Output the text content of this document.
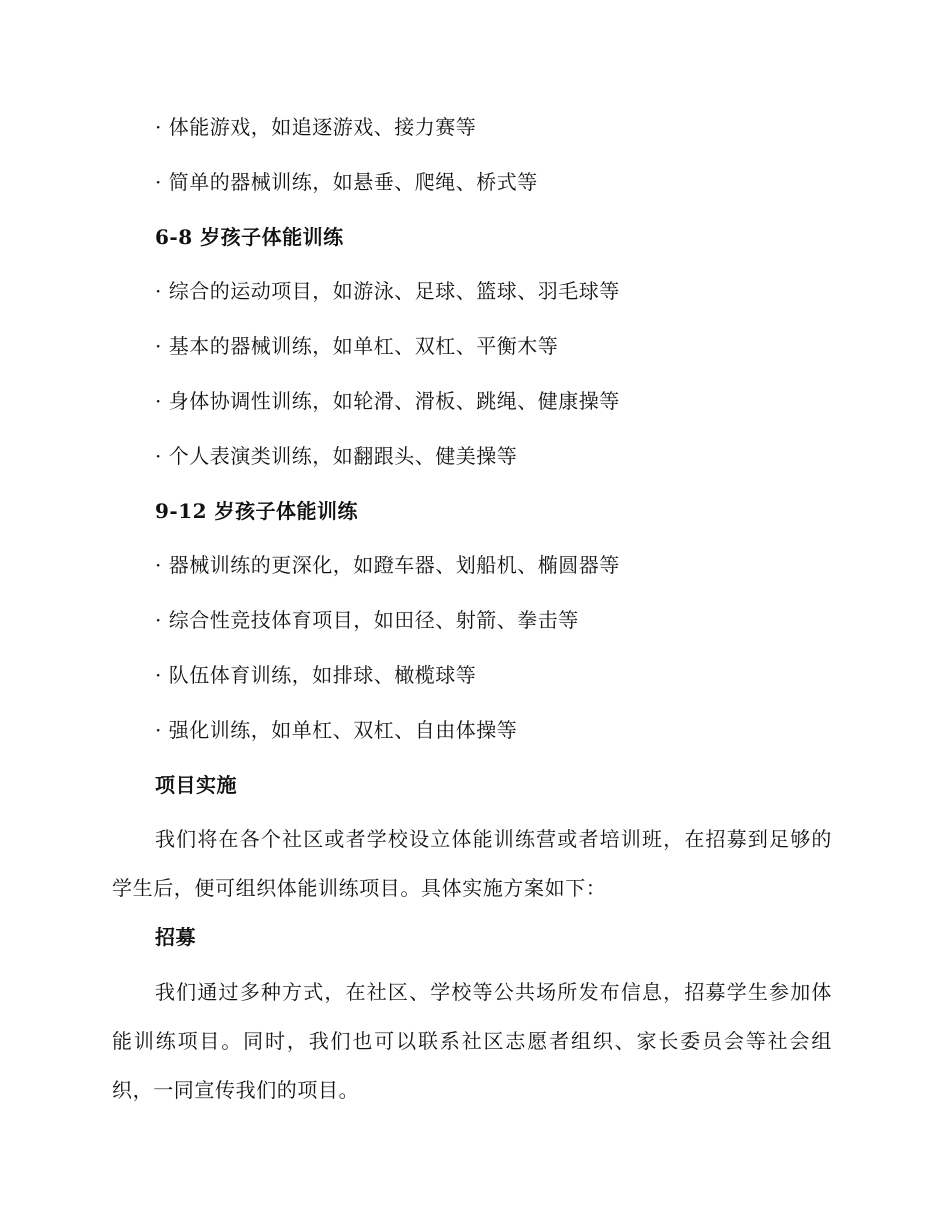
· 体能游戏，如追逐游戏、接力赛等
· 简单的器械训练，如悬垂、爬绳、桥式等
6-8 岁孩子体能训练
· 综合的运动项目，如游泳、足球、篮球、羽毛球等
· 基本的器械训练，如单杠、双杠、平衡木等
· 身体协调性训练，如轮滑、滑板、跳绳、健康操等
· 个人表演类训练，如翻跟头、健美操等
9-12 岁孩子体能训练
· 器械训练的更深化，如蹬车器、划船机、椭圆器等
· 综合性竞技体育项目，如田径、射箭、拳击等
· 队伍体育训练，如排球、橄榄球等
· 强化训练，如单杠、双杠、自由体操等
项目实施
我们将在各个社区或者学校设立体能训练营或者培训班，在招募到足够的学生后，便可组织体能训练项目。具体实施方案如下：
招募
我们通过多种方式，在社区、学校等公共场所发布信息，招募学生参加体能训练项目。同时，我们也可以联系社区志愿者组织、家长委员会等社会组织，一同宣传我们的项目。
